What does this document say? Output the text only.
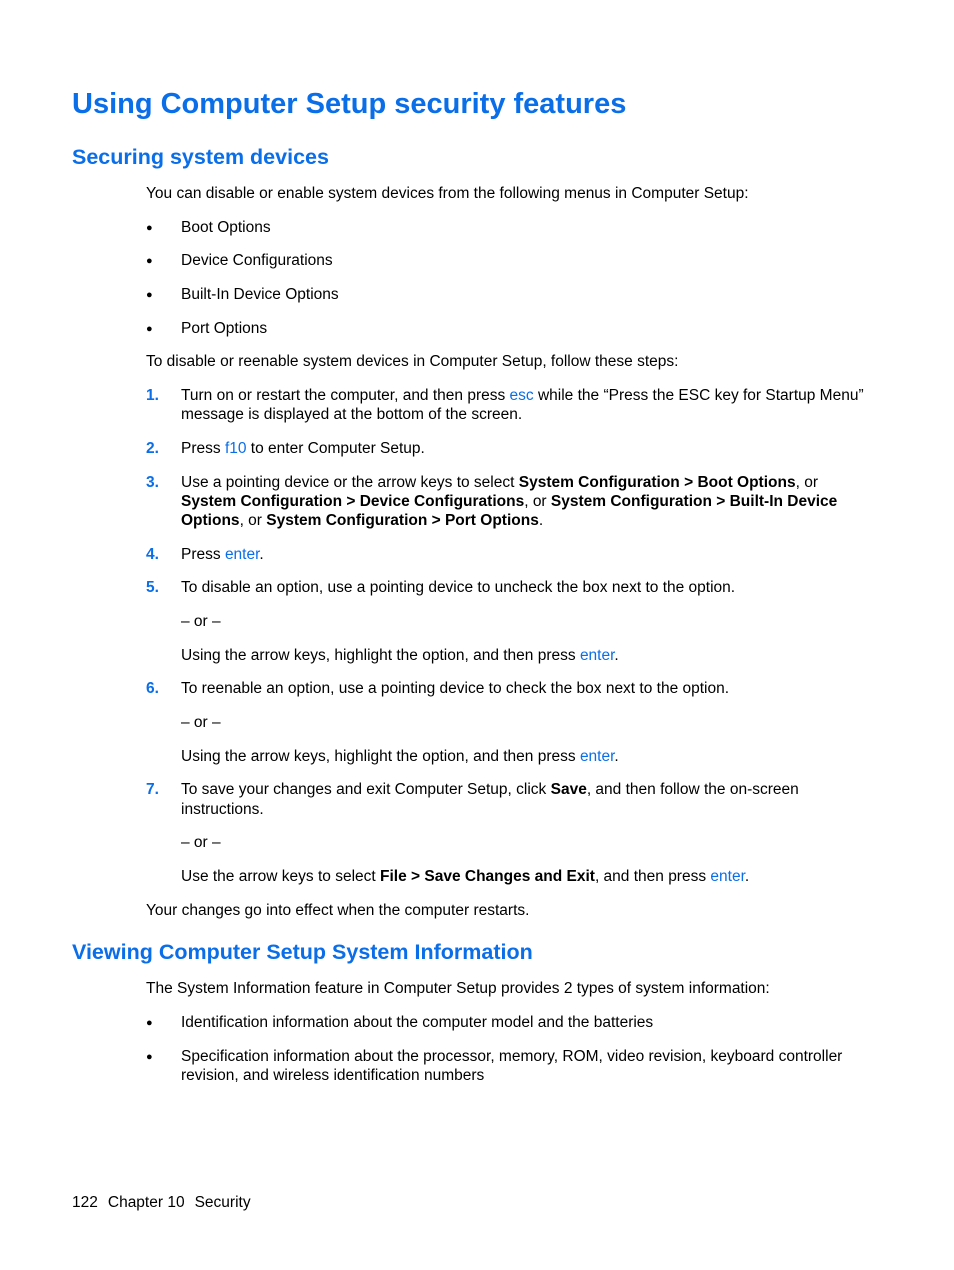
Using Computer Setup security features
Securing system devices
You can disable or enable system devices from the following menus in Computer Setup:
● Boot Options
● Device Configurations
● Built-In Device Options
● Port Options
To disable or reenable system devices in Computer Setup, follow these steps:
1. Turn on or restart the computer, and then press esc while the “Press the ESC key for Startup Menu”
message is displayed at the bottom of the screen.
2. Press f10 to enter Computer Setup.
3. Use a pointing device or the arrow keys to select System Configuration > Boot Options, or
System Configuration > Device Configurations, or System Configuration > Built-In Device
Options, or System Configuration > Port Options.
4. Press enter.
5. To disable an option, use a pointing device to uncheck the box next to the option.
– or –
Using the arrow keys, highlight the option, and then press enter.
6. To reenable an option, use a pointing device to check the box next to the option.
– or –
Using the arrow keys, highlight the option, and then press enter.
7. To save your changes and exit Computer Setup, click Save, and then follow the on-screen
instructions.
– or –
Use the arrow keys to select File > Save Changes and Exit, and then press enter.
Your changes go into effect when the computer restarts.
Viewing Computer Setup System Information
The System Information feature in Computer Setup provides 2 types of system information:
● Identification information about the computer model and the batteries
● Specification information about the processor, memory, ROM, video revision, keyboard controller
revision, and wireless identification numbers
122 Chapter 10 Security
